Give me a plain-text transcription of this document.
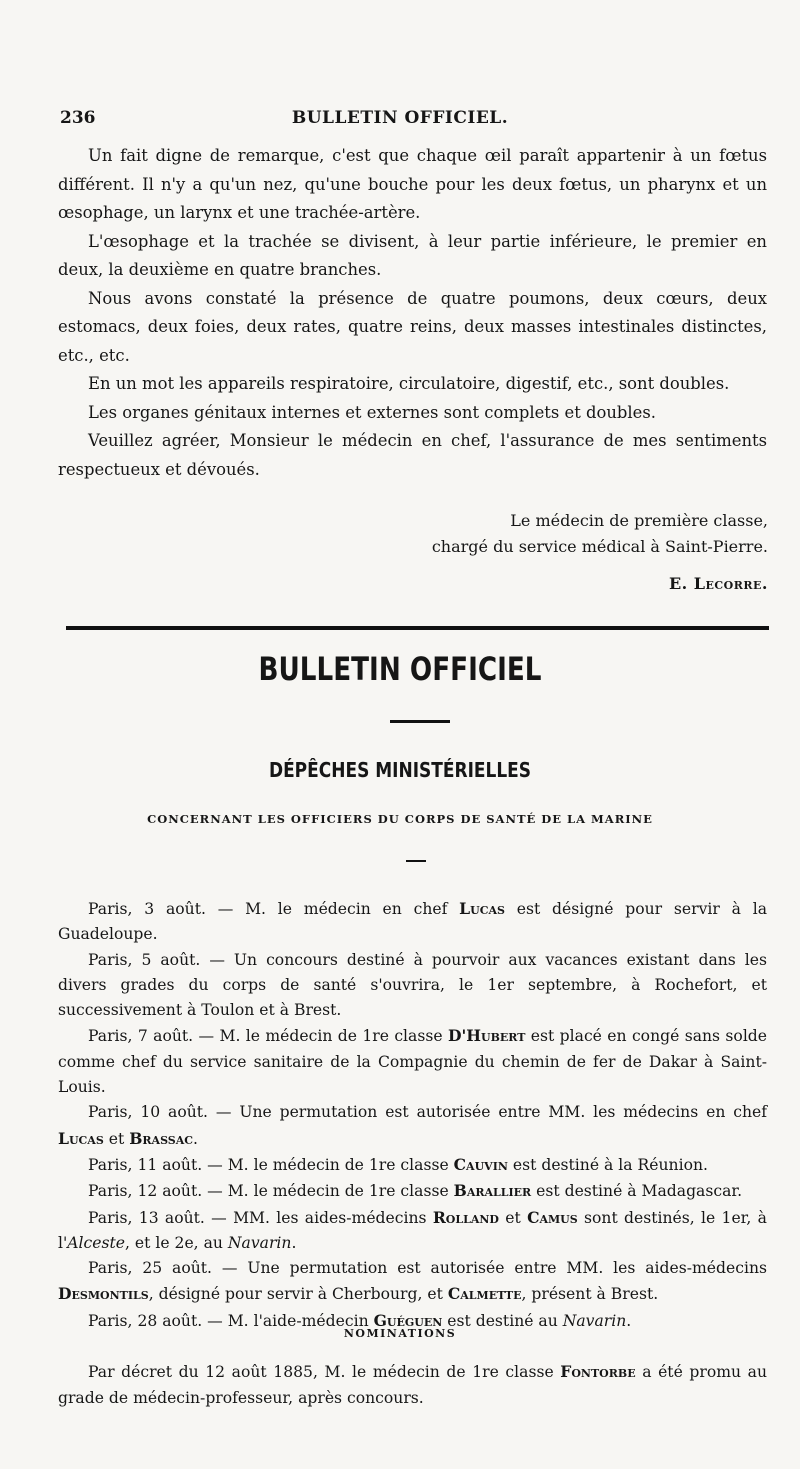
236	BULLETIN OFFICIEL.

Un fait digne de remarque, c'est que chaque œil paraît appartenir à un fœtus différent. Il n'y a qu'un nez, qu'une bouche pour les deux fœtus, un pharynx et un œsophage, un larynx et une trachée-artère.

L'œsophage et la trachée se divisent, à leur partie inférieure, le premier en deux, la deuxième en quatre branches.

Nous avons constaté la présence de quatre poumons, deux cœurs, deux estomacs, deux foies, deux rates, quatre reins, deux masses intestinales distinctes, etc., etc.

En un mot les appareils respiratoire, circulatoire, digestif, etc., sont doubles.

Les organes génitaux internes et externes sont complets et doubles.

Veuillez agréer, Monsieur le médecin en chef, l'assurance de mes sentiments respectueux et dévoués.

Le médecin de première classe,
chargé du service médical à Saint-Pierre.
E. Lecorre.
BULLETIN OFFICIEL
DÉPÊCHES MINISTÉRIELLES
CONCERNANT LES OFFICIERS DU CORPS DE SANTÉ DE LA MARINE

Paris, 3 août. — M. le médecin en chef Lucas est désigné pour servir à la Guadeloupe.

Paris, 5 août. — Un concours destiné à pourvoir aux vacances existant dans les divers grades du corps de santé s'ouvrira, le 1er septembre, à Rochefort, et successivement à Toulon et à Brest.

Paris, 7 août. — M. le médecin de 1re classe D'Hubert est placé en congé sans solde comme chef du service sanitaire de la Compagnie du chemin de fer de Dakar à Saint-Louis.

Paris, 10 août. — Une permutation est autorisée entre MM. les médecins en chef Lucas et Brassac.

Paris, 11 août. — M. le médecin de 1re classe Cauvin est destiné à la Réunion.

Paris, 12 août. — M. le médecin de 1re classe Barallier est destiné à Madagascar.

Paris, 13 août. — MM. les aides-médecins Rolland et Camus sont destinés, le 1er, à l'Alceste, et le 2e, au Navarin.

Paris, 25 août. — Une permutation est autorisée entre MM. les aides-médecins Desmontils, désigné pour servir à Cherbourg, et Calmette, présent à Brest.

Paris, 28 août. — M. l'aide-médecin Guéguen est destiné au Navarin.

NOMINATIONS

Par décret du 12 août 1885, M. le médecin de 1re classe Fontorbe a été promu au grade de médecin-professeur, après concours.
